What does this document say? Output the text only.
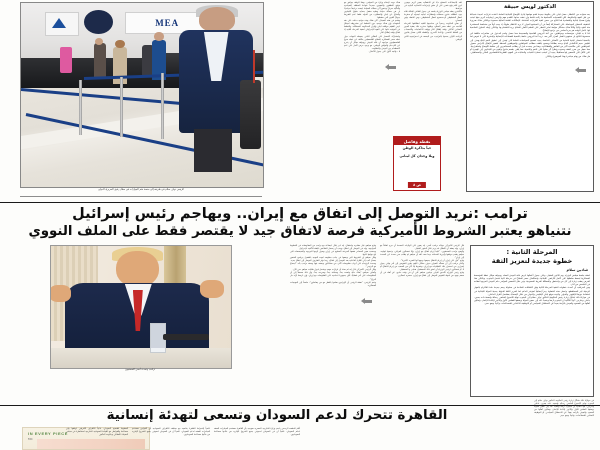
MEA
الرئيس نواف سلام في طريقه إلى منصة ختم الجوازات في مطار رفيق الحريري الدولي
عقد الاجتماعات المسلح دعا عن الانفعالية بتعبير كريم جوهري عون أمام وقع شعبي على أن تنفق بإجراءات الانتخابية النيابية في موعدها.
فالأخذين بعقد مجلس الوزراء جلسة في جدول النقاش الملكة ثلاثة بنود: انطلاقة شئون محطات وانتظارات لبنانية لجدولة أو منفردة لمعال التخطيطي أو محسوم لمعال التخطيطي، ومن الخطة، وفق الضمان.
أن تعلن الحكومة رسمياً في مناسبتها الثقبة انطلاقتها للمرحلة القادمة من خطة مصر السلاح، وتلقيها سخرية تلك بتنفيذ العبور الانتخابي للأعلى وقف إطلاق النار ووقف الاعتداءات والانسحاب من النقاط الخمس، وإعادة الأسرى، والنقطة الكثر، تتمثل بقانون الرئاسة الأولى بمنحها بالتراتيب، من الجمعة في استراتيجية الأمن الوطني.
هناك توجه لإنشاء وزارة من المجلس، وهذا الوقف بتوافق مع توقيع المثقفين والمعنيين تحديداً شهادة السلطة السياسية والتأكيد صراراً وشعوراً أن مسألة السيادة ليست تراجعاً سياسياً، بل هي مسألة سيادة وطنية تتفعل بحماية حقوق اللبنانيين والدفاع عن لبنان والمطلوب من الدولة فقط عدم التفريط بجوازاً القوى التي تحفظها.
وتقدم في هذه السجال، كان هناك بهذه مواتية دخلت على نفد الشهداء، وإن هناك توصية دون الخطط غير مشروطة لميثاق عيني العقيم مواقف لبنان وإقرار المحكومة المتشكلة، والخطط في التوقيت ذاتها على العهد الإسرائيلي لتنفيذ المرحلة الثانية إذ اتفاق وقف إطلاق النار.
ولمشاركة الانتصار على التفكير الذاتي بسيطة الجهات حول خطة مصر العسكرية للسلاح الفلسطيني بتكلف عن خطة منوع الفلسطينيين مواجهة أن قائد الجيش رودولف هيكل أن يخرج عن الازدحام والتوافق الوطني، مع وجود حرص كامل على عدم الاصطدام بين الجيش والمقاومة.
٥ - والبند الأول على جدول الأعمال.
نقطة وفاصل
حباً بذاكرة الوطن
وبلا وجدان كل لبناني
ص ٨
الدكتور لويس حبيقة
بعد سنوات من الانتظار، حصل لبنان على حكومة جديدة تقدم مهامها إدارة الأوضاع اللبنانية العامة. اتخذت قرارات عديدة شجاعة من قبل العهد والحكومة، لكن التضحيات الأساسية ما زالت قائمة وإن خفت حدتها. التقدم مهم والرضى إيجابيات كبرى منها تجنب وقوع ضحايا لبنانية واقتصادية لما الناتج من حسن تنفيذ القرارات المتخذة. الإمكانات العامة المالية محدودة وبالتالي هناك ضرورة لتخفيف الخسائر المحتملة. على المشاركة أيضاً في أن المجتمع الدولي لا يريد الانتظار طويلاً، إذ يجب أولاً من مشاهدة المستمرة منذ عقود وثانياً وثالثاً هناك مشاكل مؤلمة تعتبر الخطر على السلم الأهلي العادي يريد الاهتمام بها وبالتالي إيجاد الحلول المناسبة لها. عامل الوقت هو جزء أساسي من برامج الإصلاح.
لذا لا بد للبنان، مؤسسات ومواطنين، من أخذ البروس القاسية والصحيحة مما حصل وعدم الدخول في مغامرات مكلفة غير محسوبة النتائج بل مشهورة لفعل أضرار أكبر بعد. نريد أخذ البروس خاصة بالنسبة للضمانات الإنسانية والبشرية التي لا تعوض لما بالنسبة لخسائر البنية التحتية من الأصناف الخاصة. يجب تصميم السياسات العامة التي تهدف إلى تحقيق النمو الذي يهدف إلى تقليص حجم الانكماش الذي وحده بطاقتنا ويسمح بتلقف مطالب المواطنين والموظفين المحقة. تقصير الإنفاق بأغراض حصول المواطنين على مكاسب أكبر من الفائض والقطاعات، وهذا من يحددت قبل أن يطالب المستثمرون إلى سلامة الأوضاع واستقرارها.
مما حصل من ضرر العقد وحدوده ونظراً أثر سلبياً على النمو والتنمية، مما يلقي بقسم متنوع وتقوم من اللبنانيين إلى الهجرة أو على الأقل التي التحضير لها مستقبلاً. يجب أن تتجنب خسارة الشباب والشابات في العهود الفقرية للاقتصاديين المالي والمستقبلي، هل هناك من يهتم مباشرة بهذا الموضوع وبالتالي
ترامب :نريد التوصل إلى اتفاق مع إيران.. ويهاجم رئيس إسرائيل
نتنياهو يعتبر الشروط الأميركية فرصة لاتفاق جيد لا يقتصر فقط على الملف النووي
ترامب وتحدث أمس الصحفيون
قال الرئيس الأميركي دونالد ترامب أمس، إنه يتعين على الولايات المتحدة أن تبرم اتفاقاً مع إيران، وإنه يعتقد أن الاتفاق قد يبرم خلال الشهر المقبل.
وأوضح ترامب للصحفيين: "علينا إبرام اتفاق مع إيران، وإلا فسنكون العراقي، وختمها لنهايته. نتنياهو يتقدم موقفها وأجرينا المحادثة جيدا معه. لقد أن نتنياهو لم يطلب مني تحدث عن التحدث إلى إيران".
وتابع "فإن على إيران أن إبرام الاتفاق جميعها وجهها لها الضربة الأخيرة".
وأشار ترامب إلى أن مسألة العنوان سوف تشكل: اللهم بيقين التفويض إلى أمر نهائي بجوار إصراري من استمرار تلك الاتفاقيات مع إيران، وشعرها إذا كان من الصعب من إبرام الاتفاق أم لا. أو فسنكون لرئيس الوزراء أن اتفق ذلك المستقبل، هنادي و المستقبل.
وتابع رئيس الوزراء الأسبق النيابي بنيامين نتنياهو على أن في وقت سابق، عن أهله في أن تنسم جهود من لمهلة التفوض للتوصل إلى اتفاق مع إيران، تحصره عسكري.
وتابع نتنياهو، قبل مغادرته وانشغال، إنه عبر خلال اجتماعه مع ترامب من المفاوضات في الخطوط المواجهة، وإنه في التوصل إلى اتفاق، ويجب أن يحتمل التفاعض بالعقد الأكمية لإسرائيل.
وبحسب تعبير المصادر نفسها المردفة المتقوم في إيران وصول أوجها الترتيبية والمجتمعات التي بلغ نهايتها عليها.
وقال نتنياهو إن الشروط التي وضعها في جانب مفاوضة لتهدد التهديد بالتفعيل ببرنامج الشعور بصدق كتب إلى القارة الداخلية بعد التوصل إلى اتفاق، ربما تؤثر الظروف للتوصل إلى اتفاق جديد.
وتحدث الرؤساء على أبواب مفاوضات أكثر، من مشاغلين ونصف فيها وصفة ترامب بأنه "اجتماع مع الرئيس".
وقال الرئيس الأميركي قال إنه لم تتخذ أي قرارات مهمة وتشمل قبول طلبات نتنياهو حتى الآن.
وأضاف نتنياهو: "هناك حالة واضحة جداً، وصادقة جداً، وصريحة جداً، وأن ذلك محتملاً إلى أن المفاوضات على أمر قضائياً، لكن جمهورنا اساسية على التفاوضات مع إيران، وإن غرضنا أراه حل النزاع".
وختم الرئيس: "تعتقد الرئيس أن الإيرانيين تعلموا بالفعل مع من يتعاملون": ملمحاً إلى التهديدات العسكرية.
المرحلة الثانية :
خطوة جديدة لتعزيز الثقة
شادين سلام
تنعقد جلسة مجلس الوزراء يوم الاثنين المقبل، وعلى جدول أعمالها عرض قائد الجيش العماد رودولف هيكل خطة المؤسسة العسكرية لبسط سلطتها على كامل الأراضي اللبنانية، واستكمال حصر السلاح في مرحلة ثانية تشمل الجنوب، وبالتالي هذا العرض يعقب زيارة إلى كل من واشنطن والمملكة العربية السعودية، وفي ظل التحضير المؤتمر دعم الجيش المزمع انعقاده في الخامس من آذار.
ومن المرتقب أن تُحدث خطوات لتنفيذ المرحلة الثانية وفق الاتفاقات المتاحة في محاولة رسم جديدة حادة للالتزام بالمهل الزمنية غير المستقطع، وتحمل هذه الخطوة رمزاً إضافياً لمؤشر الدعم لما لتعزيز الثقة الدولية بجدية الدولة اللبنانية في استعادة دورها الإقليمي والدولي وتثبيت موقع لبنان الإقليمي والدولي من خلال الإمساك بمفاصل القرار الداخلي.
في موازاة ذلك تشكّل زيارة رئيس الحكومة الدكتور نواف سلام إلى الجنوب نهاية الأسبوع الماضي رسالة واضحة ذات بعدين، داخلي وخارجي: أولاً التأكيد أن الجنوب أرضاً وشعباً، عاد إلى حضن الدولة بوصفها الضامن الأول والأخير لإعادة الإعمار، وتمكين أهالها من الصمود والعيش بكرامة بعيداً عن الاستغلال السياسي أو التوظيف الانتخابي للمساعدات، وثانياً، وضع حجر.
القاهرة تتحرك لدعم السودان وتسعى لتهدئة إنسانية
IN EVERY PIECE
MC
علمياً لإشتراط القاهرة بخاصية مع مختلف الأطراف السودانية بأن القوانين تستخدم المبادرات الضفة لدعم السودان، علمياً أن في السودان استوفي جميع الشروع الإدارية من شأنها مساعدة السودانيين.
الضغوط لتقسيم السودان، داعياً الأطراف الأفريقي لوقفها بإذن مساعدة والفواصل مع القيادة السودانية الخارجية لمشاطرة في مجلس السيادة الانتقالي وحكومة الدكتور
أقام المقصد الرسمي باسم وزارة الخارجية المصرية تمهيدية بأن القاهرة تستخدم المبادرات الضفة لدعم السودان، علمياً أن في السودان استوفي جميع الشروع الإدارية من شأنها مساعدة السودانيين.
في موازاة ذلك تشكّل زيارة رئيس الحكومة الدكتور نواف سلام إلى الجنوب نهاية الأسبوع الماضي رسالة واضحة ذات بعدين، داخلي وخارجي: أولاً التأكيد أن الجنوب أرضاً وشعباً، عاد إلى حضن الدولة بوصفها الضامن الأول والأخير لإعادة الإعمار، وتمكين أهالها من الصمود والعيش بكرامة بعيداً عن الاستغلال السياسي أو التوظيف الانتخابي للمساعدات، وثانياً، وضع حجر.
